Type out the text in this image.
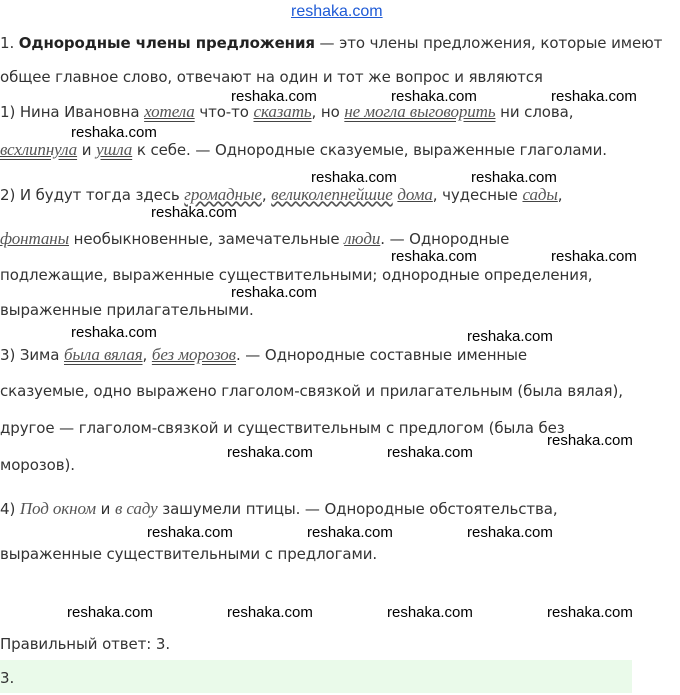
reshaka.com
1. Однородные члены предложения — это члены предложения, которые имеют
общее главное слово, отвечают на один и тот же вопрос и являются
1) Нина Ивановна хотела что-то сказать, но не могла выговорить ни слова,
всхлипнула и ушла к себе. — Однородные сказуемые, выраженные глаголами.
2) И будут тогда здесь громадные, великолепнейшие дома, чудесные сады,
фонтаны необыкновенные, замечательные люди. — Однородные
подлежащие, выраженные существительными; однородные определения,
выраженные прилагательными.
3) Зима была вялая, без морозов. — Однородные составные именные
сказуемые, одно выражено глаголом-связкой и прилагательным (была вялая),
другое — глаголом-связкой и существительным с предлогом (была без
морозов).
4) Под окном и в саду зашумели птицы. — Однородные обстоятельства,
выраженные существительными с предлогами.
Правильный ответ: 3.
3.
reshaka.com	reshaka.com	reshaka.com
reshaka.com
reshaka.com	reshaka.com
reshaka.com
reshaka.com	reshaka.com
reshaka.com
reshaka.com	reshaka.com
reshaka.com
reshaka.com	reshaka.com
reshaka.com	reshaka.com	reshaka.com
reshaka.com	reshaka.com	reshaka.com	reshaka.com
